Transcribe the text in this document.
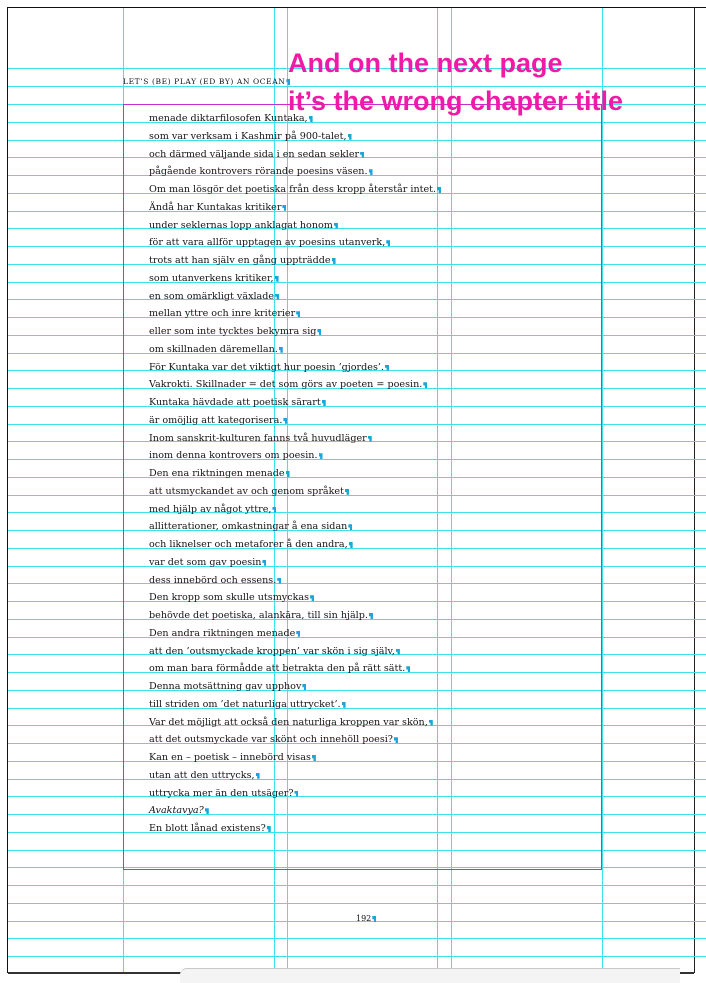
LET’S (BE) PLAY (ED BY) AN OCEAN
And on the next page
it’s the wrong chapter title
menade diktarfilosofen Kuntaka,
som var verksam i Kashmir på 900-talet,
och därmed väljande sida i en sedan sekler
pågående kontrovers rörande poesins väsen.
Om man lösgör det poetiska från dess kropp återstår intet.
Ändå har Kuntakas kritiker
under seklernas lopp anklagat honom
för att vara allför upptagen av poesins utanverk,
trots att han själv en gång uppträdde
som utanverkens kritiker,
en som omärkligt växlade
mellan yttre och inre kriterier
eller som inte tycktes bekymra sig
om skillnaden däremellan.
För Kuntaka var det viktigt hur poesin ’gjordes’.
Vakrokti. Skillnader = det som görs av poeten = poesin.
Kuntaka hävdade att poetisk särart
är omöjlig att kategorisera.
Inom sanskrit-kulturen fanns två huvudläger
inom denna kontrovers om poesin.
Den ena riktningen menade
att utsmyckandet av och genom språket
med hjälp av något yttre,
allitterationer, omkastningar å ena sidan
och liknelser och metaforer å den andra,
var det som gav poesin
dess innebörd och essens.
Den kropp som skulle utsmyckas
behövde det poetiska, alankāra, till sin hjälp.
Den andra riktningen menade
att den ’outsmyckade kroppen’ var skön i sig själv,
om man bara förmådde att betrakta den på rätt sätt.
Denna motsättning gav upphov
till striden om ’det naturliga uttrycket’.
Var det möjligt att också den naturliga kroppen var skön,
att det outsmyckade var skönt och innehöll poesi?
Kan en – poetisk – innebörd visas
utan att den uttrycks,
uttrycka mer än den utsäger?
Avaktavya?
En blott lånad existens?
192
